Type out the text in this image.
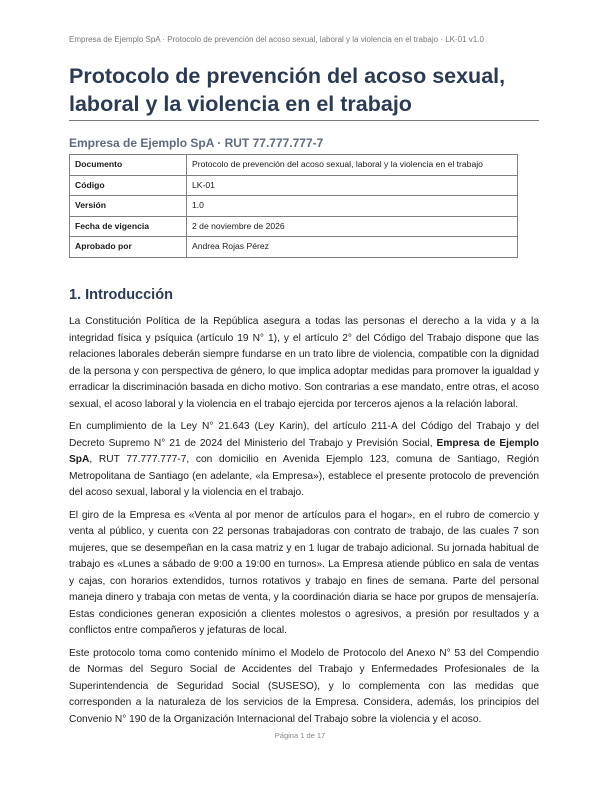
Empresa de Ejemplo SpA · Protocolo de prevención del acoso sexual, laboral y la violencia en el trabajo · LK-01 v1.0
Protocolo de prevención del acoso sexual, laboral y la violencia en el trabajo
Empresa de Ejemplo SpA · RUT 77.777.777-7
Documento	Protocolo de prevención del acoso sexual, laboral y la violencia en el trabajo
Código	LK-01
Versión	1.0
Fecha de vigencia	2 de noviembre de 2026
Aprobado por	Andrea Rojas Pérez
1. Introducción

La Constitución Política de la República asegura a todas las personas el derecho a la vida y a la integridad física y psíquica (artículo 19 N° 1), y el artículo 2° del Código del Trabajo dispone que las relaciones laborales deberán siempre fundarse en un trato libre de violencia, compatible con la dignidad de la persona y con perspectiva de género, lo que implica adoptar medidas para promover la igualdad y erradicar la discriminación basada en dicho motivo. Son contrarias a ese mandato, entre otras, el acoso sexual, el acoso laboral y la violencia en el trabajo ejercida por terceros ajenos a la relación laboral.

En cumplimiento de la Ley N° 21.643 (Ley Karin), del artículo 211-A del Código del Trabajo y del Decreto Supremo N° 21 de 2024 del Ministerio del Trabajo y Previsión Social, Empresa de Ejemplo SpA, RUT 77.777.777-7, con domicilio en Avenida Ejemplo 123, comuna de Santiago, Región Metropolitana de Santiago (en adelante, «la Empresa»), establece el presente protocolo de prevención del acoso sexual, laboral y la violencia en el trabajo.

El giro de la Empresa es «Venta al por menor de artículos para el hogar», en el rubro de comercio y venta al público, y cuenta con 22 personas trabajadoras con contrato de trabajo, de las cuales 7 son mujeres, que se desempeñan en la casa matriz y en 1 lugar de trabajo adicional. Su jornada habitual de trabajo es «Lunes a sábado de 9:00 a 19:00 en turnos». La Empresa atiende público en sala de ventas y cajas, con horarios extendidos, turnos rotativos y trabajo en fines de semana. Parte del personal maneja dinero y trabaja con metas de venta, y la coordinación diaria se hace por grupos de mensajería. Estas condiciones generan exposición a clientes molestos o agresivos, a presión por resultados y a conflictos entre compañeros y jefaturas de local.

Este protocolo toma como contenido mínimo el Modelo de Protocolo del Anexo N° 53 del Compendio de Normas del Seguro Social de Accidentes del Trabajo y Enfermedades Profesionales de la Superintendencia de Seguridad Social (SUSESO), y lo complementa con las medidas que corresponden a la naturaleza de los servicios de la Empresa. Considera, además, los principios del Convenio N° 190 de la Organización Internacional del Trabajo sobre la violencia y el acoso.

Página 1 de 17
